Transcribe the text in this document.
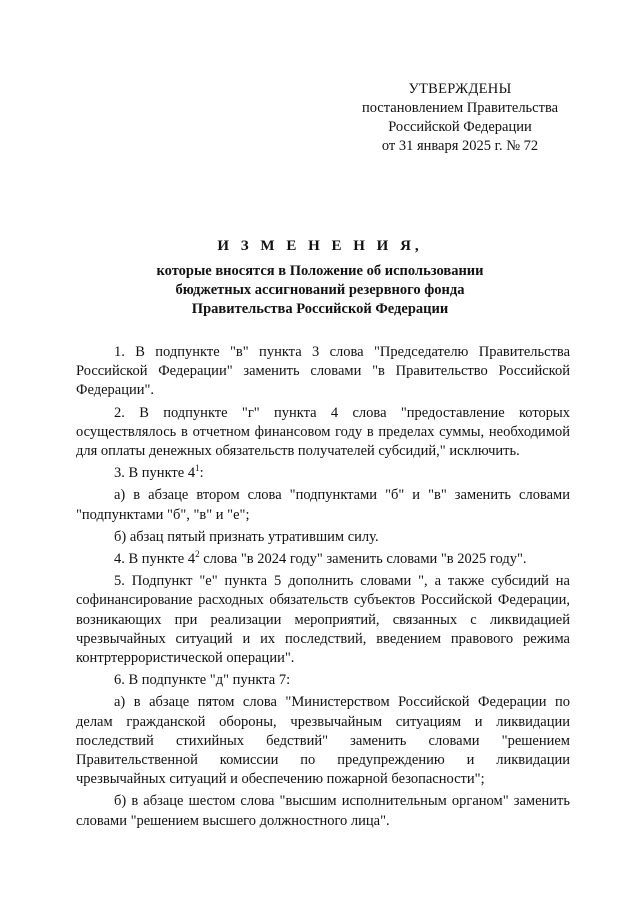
УТВЕРЖДЕНЫ
постановлением Правительства
Российской Федерации
от 31 января 2025 г. № 72
И З М Е Н Е Н И Я,
которые вносятся в Положение об использовании
бюджетных ассигнований резервного фонда
Правительства Российской Федерации

1. В подпункте "в" пункта 3 слова "Председателю Правительства Российской Федерации" заменить словами "в Правительство Российской Федерации".

2. В подпункте "г" пункта 4 слова "предоставление которых осуществлялось в отчетном финансовом году в пределах суммы, необходимой для оплаты денежных обязательств получателей субсидий," исключить.

3. В пункте $4^1$:

а) в абзаце втором слова "подпунктами "б" и "в" заменить словами "подпунктами "б", "в" и "е";

б) абзац пятый признать утратившим силу.

4. В пункте $4^2$ слова "в 2024 году" заменить словами "в 2025 году".

5. Подпункт "е" пункта 5 дополнить словами ", а также субсидий на софинансирование расходных обязательств субъектов Российской Федерации, возникающих при реализации мероприятий, связанных с ликвидацией чрезвычайных ситуаций и их последствий, введением правового режима контртеррористической операции".

6. В подпункте "д" пункта 7:

а) в абзаце пятом слова "Министерством Российской Федерации по делам гражданской обороны, чрезвычайным ситуациям и ликвидации последствий стихийных бедствий" заменить словами "решением Правительственной комиссии по предупреждению и ликвидации чрезвычайных ситуаций и обеспечению пожарной безопасности";

б) в абзаце шестом слова "высшим исполнительным органом" заменить словами "решением высшего должностного лица".
